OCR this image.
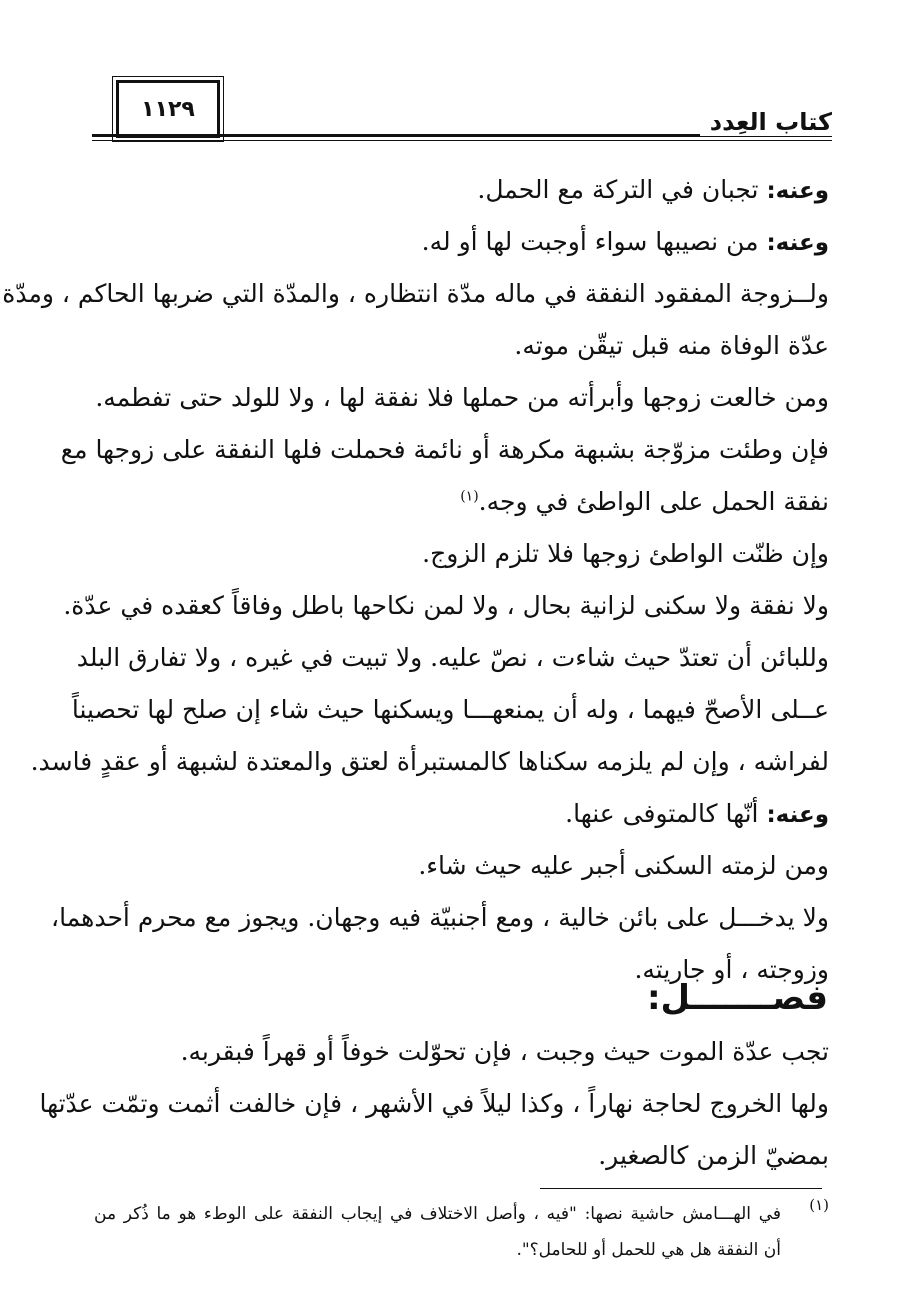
١١٢٩	كتاب العِدد
وعنه: تجبان في التركة مع الحمل.
وعنه: من نصيبها سواء أوجبت لها أو له.
ولــزوجة المفقود النفقة في ماله مدّة انتظاره ، والمدّة التي ضربها الحاكم ، ومدّة
عدّة الوفاة منه قبل تيقّن موته.
ومن خالعت زوجها وأبرأته من حملها فلا نفقة لها ، ولا للولد حتى تفطمه.
فإن وطئت مزوّجة بشبهة مكرهة أو نائمة فحملت فلها النفقة على زوجها مع
نفقة الحمل على الواطئ في وجه.$^{(١)}$
وإن ظنّت الواطئ زوجها فلا تلزم الزوج.
ولا نفقة ولا سكنى لزانية بحال ، ولا لمن نكاحها باطل وفاقاً كعقده في عدّة.
وللبائن أن تعتدّ حيث شاءت ، نصّ عليه. ولا تبيت في غيره ، ولا تفارق البلد
عــلى الأصحّ فيهما ، وله أن يمنعهـــا ويسكنها حيث شاء إن صلح لها تحصيناً
لفراشه ، وإن لم يلزمه سكناها كالمستبرأة لعتق والمعتدة لشبهة أو عقدٍ فاسد.
وعنه: أنّها كالمتوفى عنها.
ومن لزمته السكنى أجبر عليه حيث شاء.
ولا يدخـــل على بائن خالية ، ومع أجنبيّة فيه وجهان. ويجوز مع محرم أحدهما،
وزوجته ، أو جاريته.
فصـــــــل:
تجب عدّة الموت حيث وجبت ، فإن تحوّلت خوفاً أو قهراً فبقربه.
ولها الخروج لحاجة نهاراً ، وكذا ليلاً في الأشهر ، فإن خالفت أثمت وتمّت عدّتها
بمضيّ الزمن كالصغير.
(١)
في الهـــامش حاشية نصها: "فيه ، وأصل الاختلاف في إيجاب النفقة على الوطء هو ما ذُكر من
أن النفقة هل هي للحمل أو للحامل؟".
